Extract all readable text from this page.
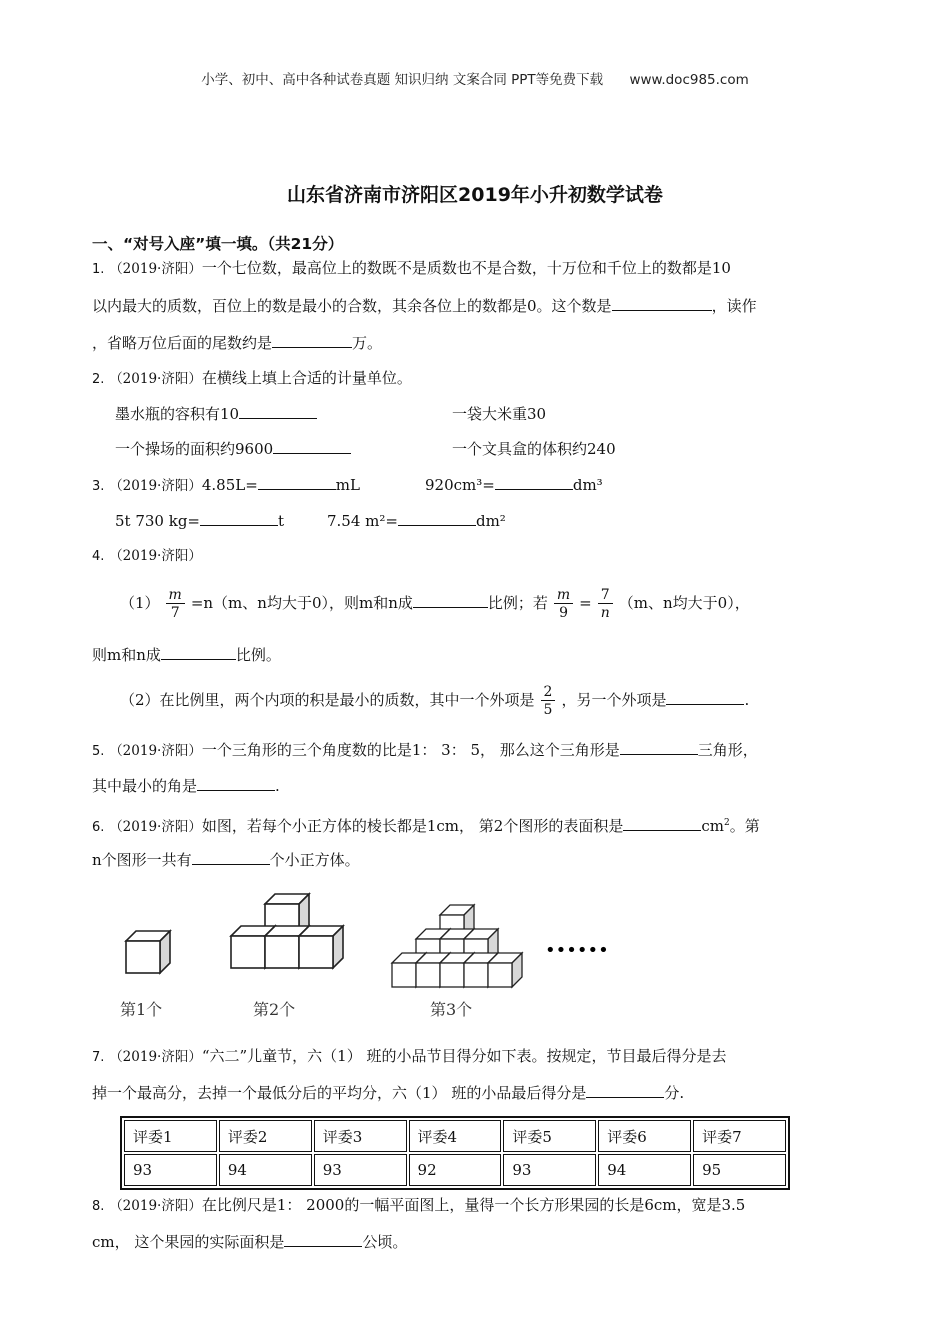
小学、初中、高中各种试卷真题 知识归纳 文案合同 PPT等免费下载 www.doc985.com
山东省济南市济阳区2019年小升初数学试卷
一、“对号入座”填一填。（共21分）
1. （2019·济阳）一个七位数，最高位上的数既不是质数也不是合数，十万位和千位上的数都是10
以内最大的质数，百位上的数是最小的合数，其余各位上的数都是0。这个数是	，读作
，省略万位后面的尾数约是	万。
2. （2019·济阳）在横线上填上合适的计量单位。
墨水瓶的容积有10	一袋大米重30
一个操场的面积约9600	一个文具盒的体积约240
3. （2019·济阳）4.85L=	mL	920cm³=	dm³
5t 730 kg=	t	7.54 m²=	dm²
4. （2019·济阳）
$(1) \frac{m}{7} =n(m$、n均大于0），则m和n成	比例；若 $\frac{m}{9} = \frac{7}{n} (m$、n均大于0），
则m和n成	比例。
（2）在比例里，两个内项的积是最小的质数，其中一个外项是 $\frac{2}{5}$ ，另一个外项是	.
5. （2019·济阳）一个三角形的三个角度数的比是1： 3： 5， 那么这个三角形是	三角形，
其中最小的角是	.
6. （2019·济阳）如图，若每个小正方体的棱长都是1cm， 第2个图形的表面积是	$cm^2$。第
n个图形一共有	个小正方体。
••••••
第1个	第2个	第3个
7. （2019·济阳）“六二”儿童节，六（1） 班的小品节目得分如下表。按规定，节目最后得分是去
掉一个最高分，去掉一个最低分后的平均分，六（1） 班的小品最后得分是	分.
评委1	评委2	评委3	评委4	评委5	评委6	评委7
93	94	93	92	93	94	95
8. （2019·济阳）在比例尺是1： 2000的一幅平面图上，量得一个长方形果园的长是6cm，宽是3.5
cm， 这个果园的实际面积是	公顷。
